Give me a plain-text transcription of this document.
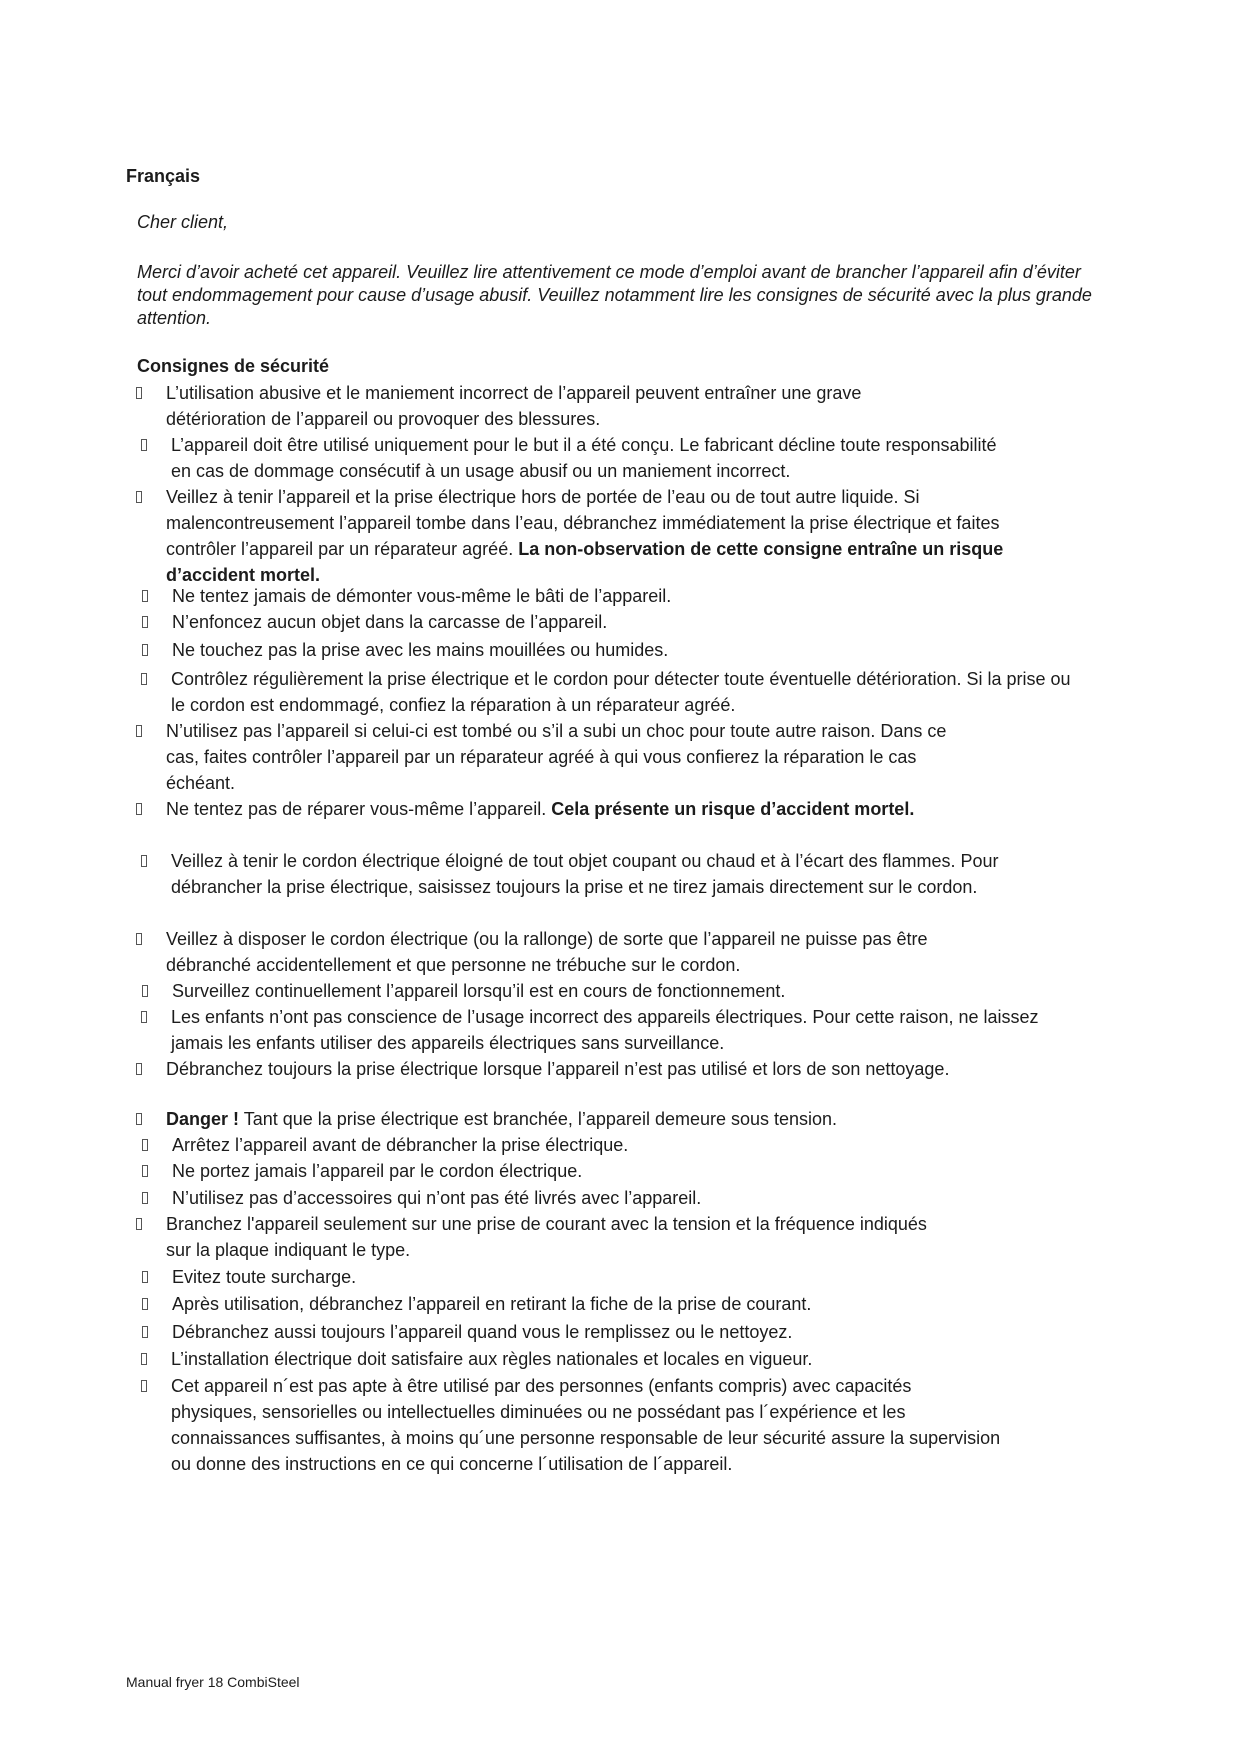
Français

Cher client,

Merci d’avoir acheté cet appareil. Veuillez lire attentivement ce mode d’emploi avant de brancher l’appareil afin d’éviter tout endommagement pour cause d’usage abusif. Veuillez notamment lire les consignes de sécurité avec la plus grande attention.

Consignes de sécurité

L’utilisation abusive et le maniement incorrect de l’appareil peuvent entraîner une grave détérioration de l’appareil ou provoquer des blessures.
L’appareil doit être utilisé uniquement pour le but il a été conçu. Le fabricant décline toute responsabilité en cas de dommage consécutif à un usage abusif ou un maniement incorrect.
Veillez à tenir l’appareil et la prise électrique hors de portée de l’eau ou de tout autre liquide. Si malencontreusement l’appareil tombe dans l’eau, débranchez immédiatement la prise électrique et faites contrôler l’appareil par un réparateur agréé. La non-observation de cette consigne entraîne un risque d’accident mortel.
Ne tentez jamais de démonter vous-même le bâti de l’appareil.
N’enfoncez aucun objet dans la carcasse de l’appareil.
Ne touchez pas la prise avec les mains mouillées ou humides.
Contrôlez régulièrement la prise électrique et le cordon pour détecter toute éventuelle détérioration. Si la prise ou le cordon est endommagé, confiez la réparation à un réparateur agréé.
N’utilisez pas l’appareil si celui-ci est tombé ou s’il a subi un choc pour toute autre raison. Dans ce cas, faites contrôler l’appareil par un réparateur agréé à qui vous confierez la réparation le cas échéant.
Ne tentez pas de réparer vous-même l’appareil. Cela présente un risque d’accident mortel.
Veillez à tenir le cordon électrique éloigné de tout objet coupant ou chaud et à l’écart des flammes. Pour débrancher la prise électrique, saisissez toujours la prise et ne tirez jamais directement sur le cordon.
Veillez à disposer le cordon électrique (ou la rallonge) de sorte que l’appareil ne puisse pas être débranché accidentellement et que personne ne trébuche sur le cordon.
Surveillez continuellement l’appareil lorsqu’il est en cours de fonctionnement.
Les enfants n’ont pas conscience de l’usage incorrect des appareils électriques. Pour cette raison, ne laissez jamais les enfants utiliser des appareils électriques sans surveillance.
Débranchez toujours la prise électrique lorsque l’appareil n’est pas utilisé et lors de son nettoyage.
Danger ! Tant que la prise électrique est branchée, l’appareil demeure sous tension.
Arrêtez l’appareil avant de débrancher la prise électrique.
Ne portez jamais l’appareil par le cordon électrique.
N’utilisez pas d’accessoires qui n’ont pas été livrés avec l’appareil.
Branchez l'appareil seulement sur une prise de courant avec la tension et la fréquence indiqués sur la plaque indiquant le type.
Evitez toute surcharge.
Après utilisation, débranchez l’appareil en retirant la fiche de la prise de courant.
Débranchez aussi toujours l’appareil quand vous le remplissez ou le nettoyez.
L’installation électrique doit satisfaire aux règles nationales et locales en vigueur.
Cet appareil n´est pas apte à être utilisé par des personnes (enfants compris) avec capacités physiques, sensorielles ou intellectuelles diminuées ou ne possédant pas l´expérience et les connaissances suffisantes, à moins qu´une personne responsable de leur sécurité assure la supervision ou donne des instructions en ce qui concerne l´utilisation de l´appareil.

Manual fryer 18 CombiSteel
